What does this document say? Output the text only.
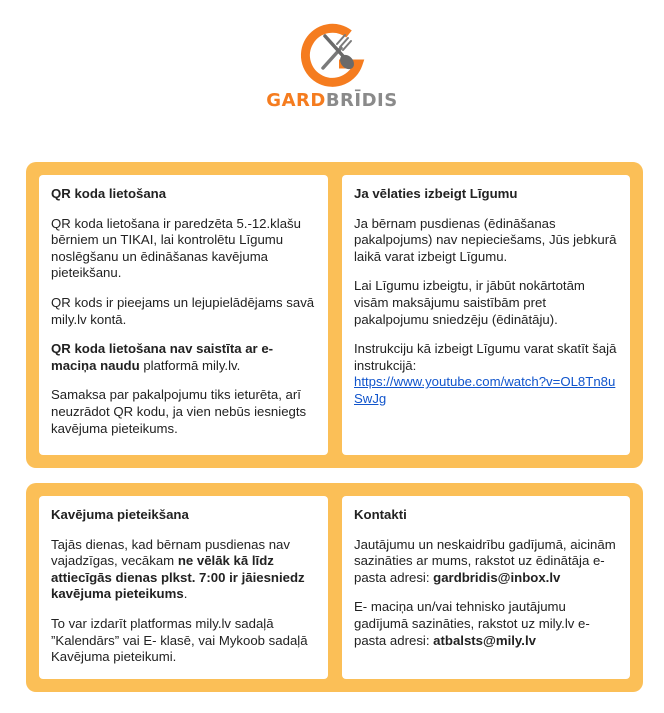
GARDBRĪDIS
QR koda lietošana

QR koda lietošana ir paredzēta 5.-12.klašu bērniem un TIKAI, lai kontrolētu Līgumu noslēgšanu un ēdināšanas kavējuma pieteikšanu.

QR kods ir pieejams un lejupielādējams savā mily.lv kontā.

QR koda lietošana nav saistīta ar e-maciņa naudu platformā mily.lv.

Samaksa par pakalpojumu tiks ieturēta, arī neuzrādot QR kodu, ja vien nebūs iesniegts kavējuma pieteikums.

Ja vēlaties izbeigt Līgumu

Ja bērnam pusdienas (ēdināšanas pakalpojums) nav nepieciešams, Jūs jebkurā laikā varat izbeigt Līgumu.

Lai Līgumu izbeigtu, ir jābūt nokārtotām visām maksājumu saistībām pret pakalpojumu sniedzēju (ēdinātāju).

Instrukciju kā izbeigt Līgumu varat skatīt šajā instrukcijā:
https://www.youtube.com/watch?v=OL8Tn8uSwJg

Kavējuma pieteikšana

Tajās dienas, kad bērnam pusdienas nav vajadzīgas, vecākam ne vēlāk kā līdz attiecīgās dienas plkst. 7:00 ir jāiesniedz kavējuma pieteikums.

To var izdarīt platformas mily.lv sadaļā ”Kalendārs” vai E- klasē, vai Mykoob sadaļā Kavējuma pieteikumi.

Kontakti

Jautājumu un neskaidrību gadījumā, aicinām sazināties ar mums, rakstot uz ēdinātāja e-pasta adresi: gardbridis@inbox.lv

E- maciņa un/vai tehnisko jautājumu gadījumā sazināties, rakstot uz mily.lv e-pasta adresi: atbalsts@mily.lv
